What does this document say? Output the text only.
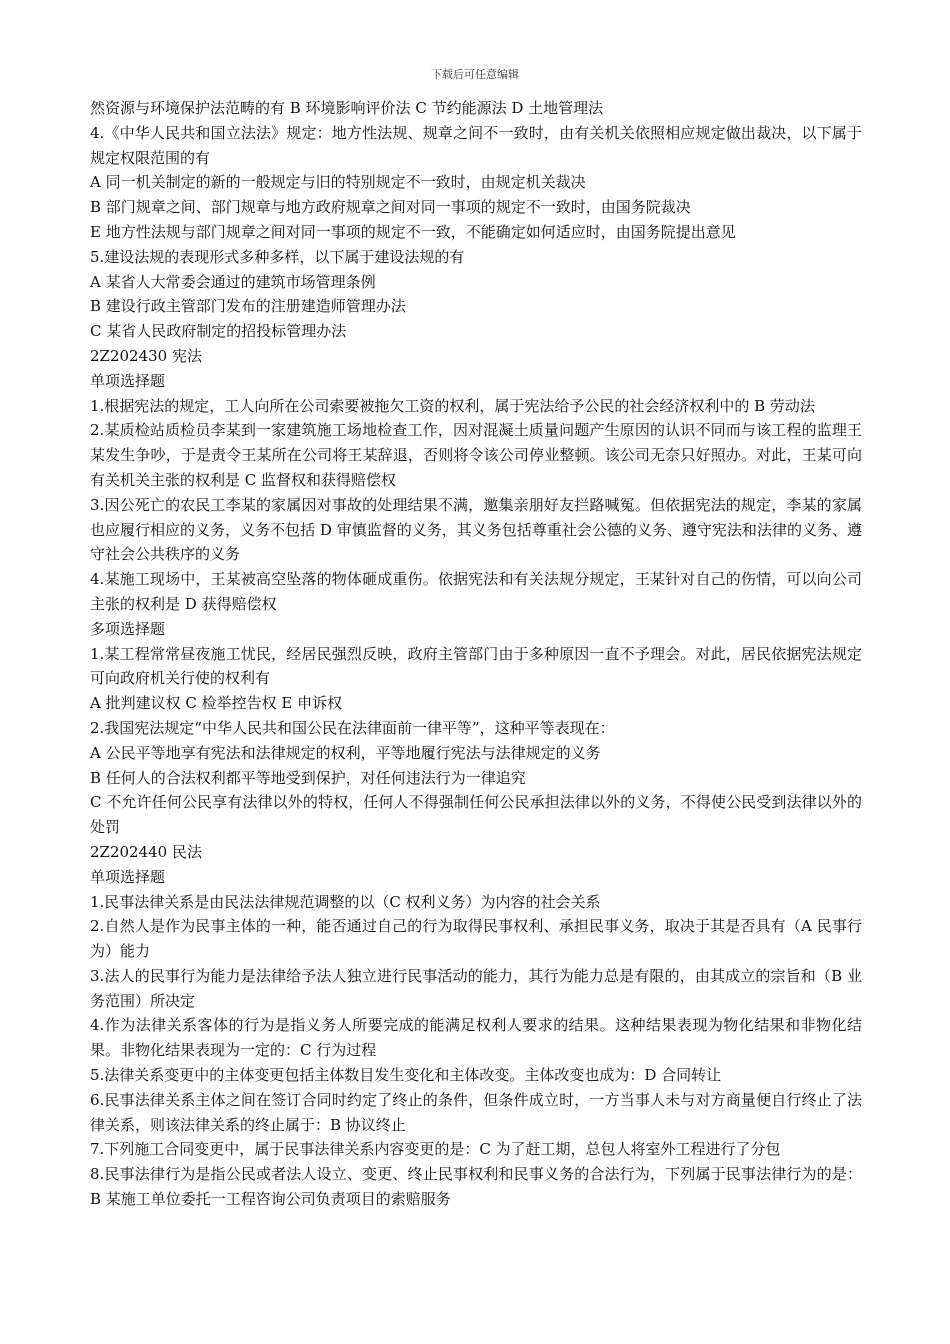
下载后可任意编辑

然资源与环境保护法范畴的有 B 环境影响评价法 C 节约能源法 D 土地管理法

4.《中华人民共和国立法法》规定：地方性法规、规章之间不一致时，由有关机关依照相应规定做出裁决，以下属于规定权限范围的有

A 同一机关制定的新的一般规定与旧的特别规定不一致时，由规定机关裁决

B 部门规章之间、部门规章与地方政府规章之间对同一事项的规定不一致时，由国务院裁决

E 地方性法规与部门规章之间对同一事项的规定不一致，不能确定如何适应时，由国务院提出意见

5.建设法规的表现形式多种多样，以下属于建设法规的有

A 某省人大常委会通过的建筑市场管理条例

B 建设行政主管部门发布的注册建造师管理办法

C 某省人民政府制定的招投标管理办法

2Z202430 宪法

单项选择题

1.根据宪法的规定，工人向所在公司索要被拖欠工资的权利，属于宪法给予公民的社会经济权利中的 B 劳动法

2.某质检站质检员李某到一家建筑施工场地检查工作，因对混凝土质量问题产生原因的认识不同而与该工程的监理王某发生争吵，于是责令王某所在公司将王某辞退，否则将令该公司停业整顿。该公司无奈只好照办。对此，王某可向有关机关主张的权利是 C 监督权和获得赔偿权

3.因公死亡的农民工李某的家属因对事故的处理结果不满，邀集亲朋好友拦路喊冤。但依据宪法的规定，李某的家属也应履行相应的义务，义务不包括 D 审慎监督的义务，其义务包括尊重社会公德的义务、遵守宪法和法律的义务、遵守社会公共秩序的义务

4.某施工现场中，王某被高空坠落的物体砸成重伤。依据宪法和有关法规分规定，王某针对自己的伤情，可以向公司主张的权利是 D 获得赔偿权

多项选择题

1.某工程常常昼夜施工忧民，经居民强烈反映，政府主管部门由于多种原因一直不予理会。对此，居民依据宪法规定可向政府机关行使的权利有

A 批判建议权 C 检举控告权 E 申诉权

2.我国宪法规定“中华人民共和国公民在法律面前一律平等”，这种平等表现在：

A 公民平等地享有宪法和法律规定的权利，平等地履行宪法与法律规定的义务

B 任何人的合法权利都平等地受到保护，对任何违法行为一律追究

C 不允许任何公民享有法律以外的特权，任何人不得强制任何公民承担法律以外的义务，不得使公民受到法律以外的处罚

2Z202440 民法

单项选择题

1.民事法律关系是由民法法律规范调整的以（C 权利义务）为内容的社会关系

2.自然人是作为民事主体的一种，能否通过自己的行为取得民事权利、承担民事义务，取决于其是否具有（A 民事行为）能力

3.法人的民事行为能力是法律给予法人独立进行民事活动的能力，其行为能力总是有限的，由其成立的宗旨和（B 业务范围）所决定

4.作为法律关系客体的行为是指义务人所要完成的能满足权利人要求的结果。这种结果表现为物化结果和非物化结果。非物化结果表现为一定的：C 行为过程

5.法律关系变更中的主体变更包括主体数目发生变化和主体改变。主体改变也成为：D 合同转让

6.民事法律关系主体之间在签订合同时约定了终止的条件，但条件成立时，一方当事人未与对方商量便自行终止了法律关系，则该法律关系的终止属于：B 协议终止

7.下列施工合同变更中，属于民事法律关系内容变更的是：C 为了赶工期，总包人将室外工程进行了分包

8.民事法律行为是指公民或者法人设立、变更、终止民事权利和民事义务的合法行为，下列属于民事法律行为的是：B 某施工单位委托一工程咨询公司负责项目的索赔服务
